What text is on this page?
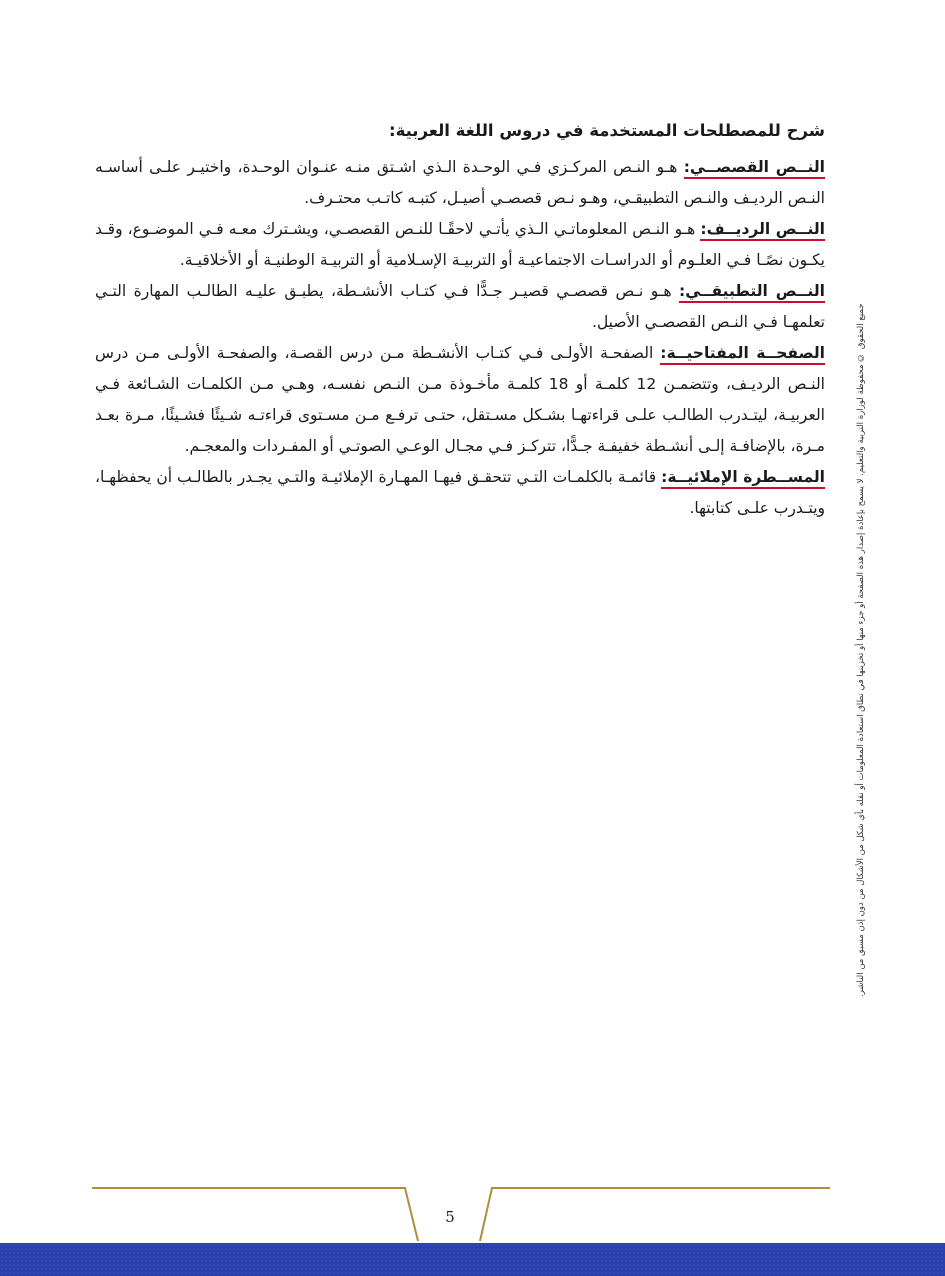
شرح للمصطلحات المستخدمة في دروس اللغة العربية:

النــص القصصــي: هـو النـص المركـزي فـي الوحـدة الـذي اشـتق منـه عنـوان الوحـدة، واختيـر علـى أساسـه النـص الرديـف والنـص التطبيقـي، وهـو نـص قصصـي أصيـل، كتبـه كاتـب محتـرف.

النــص الرديــف: هـو النـص المعلوماتـي الـذي يأتـي لاحقًـا للنـص القصصـي، ويشـترك معـه فـي الموضـوع، وقـد يكـون نصًـا فـي العلـوم أو الدراسـات الاجتماعيـة أو التربيـة الإسـلامية أو التربيـة الوطنيـة أو الأخلاقيـة.

النــص التطبيقــي: هـو نـص قصصـي قصيـر جـدًّا فـي كتـاب الأنشـطة، يطبـق عليـه الطالـب المهارة التـي تعلمهـا فـي النـص القصصـي الأصيل.

الصفحــة المفتاحيــة: الصفحـة الأولـى فـي كتـاب الأنشـطة مـن درس القصـة، والصفحـة الأولـى مـن درس النـص الرديـف، وتتضمـن 12 كلمـة أو 18 كلمـة مأخـوذة مـن النـص نفسـه، وهـي مـن الكلمـات الشـائعة فـي العربيـة، ليتـدرب الطالـب علـى قراءتهـا بشـكل مسـتقل، حتـى ترفـع مـن مسـتوى قراءتـه شـيئًا فشـيئًا، مـرة بعـد مـرة، بالإضافـة إلـى أنشـطة خفيفـة جـدًّا، تتركـز فـي مجـال الوعـي الصوتـي أو المفـردات والمعجـم.

المســطرة الإملائيــة: قائمـة بالكلمـات التـي تتحقـق فيهـا المهـارة الإملائيـة والتـي يجـدر بالطالـب أن يحفظهـا، ويتـدرب علـى كتابتها.	جميع الحقوق © محفوظة لوزارة التربية والتعليم. لا يسمح بإعادة إصدار هذه الصفحة أو جزء منها أو تخزينها في نطاق استعادة المعلومات أو نقله بأي شكل من الأشكال من دون إذن مسبق من الناشر.
5
